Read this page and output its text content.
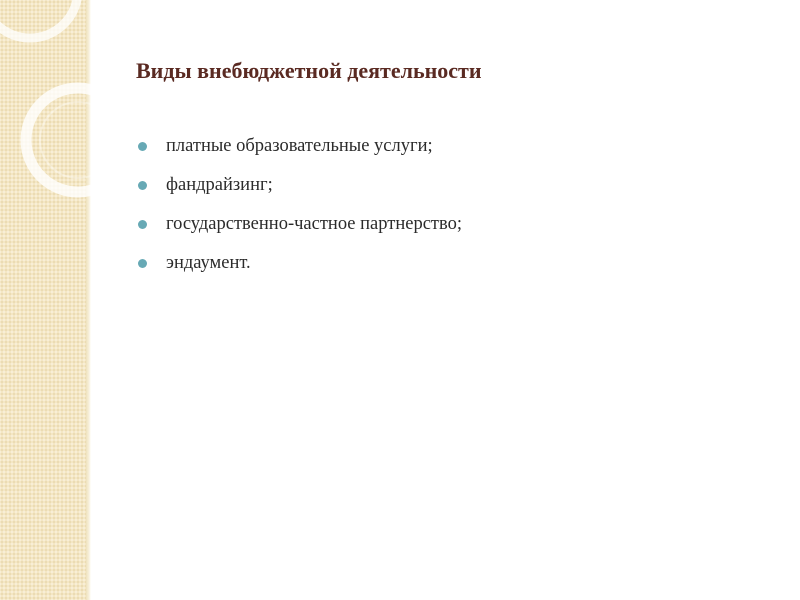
Виды внебюджетной деятельности
платные образовательные услуги;
фандрайзинг;
государственно-частное партнерство;
эндаумент.
